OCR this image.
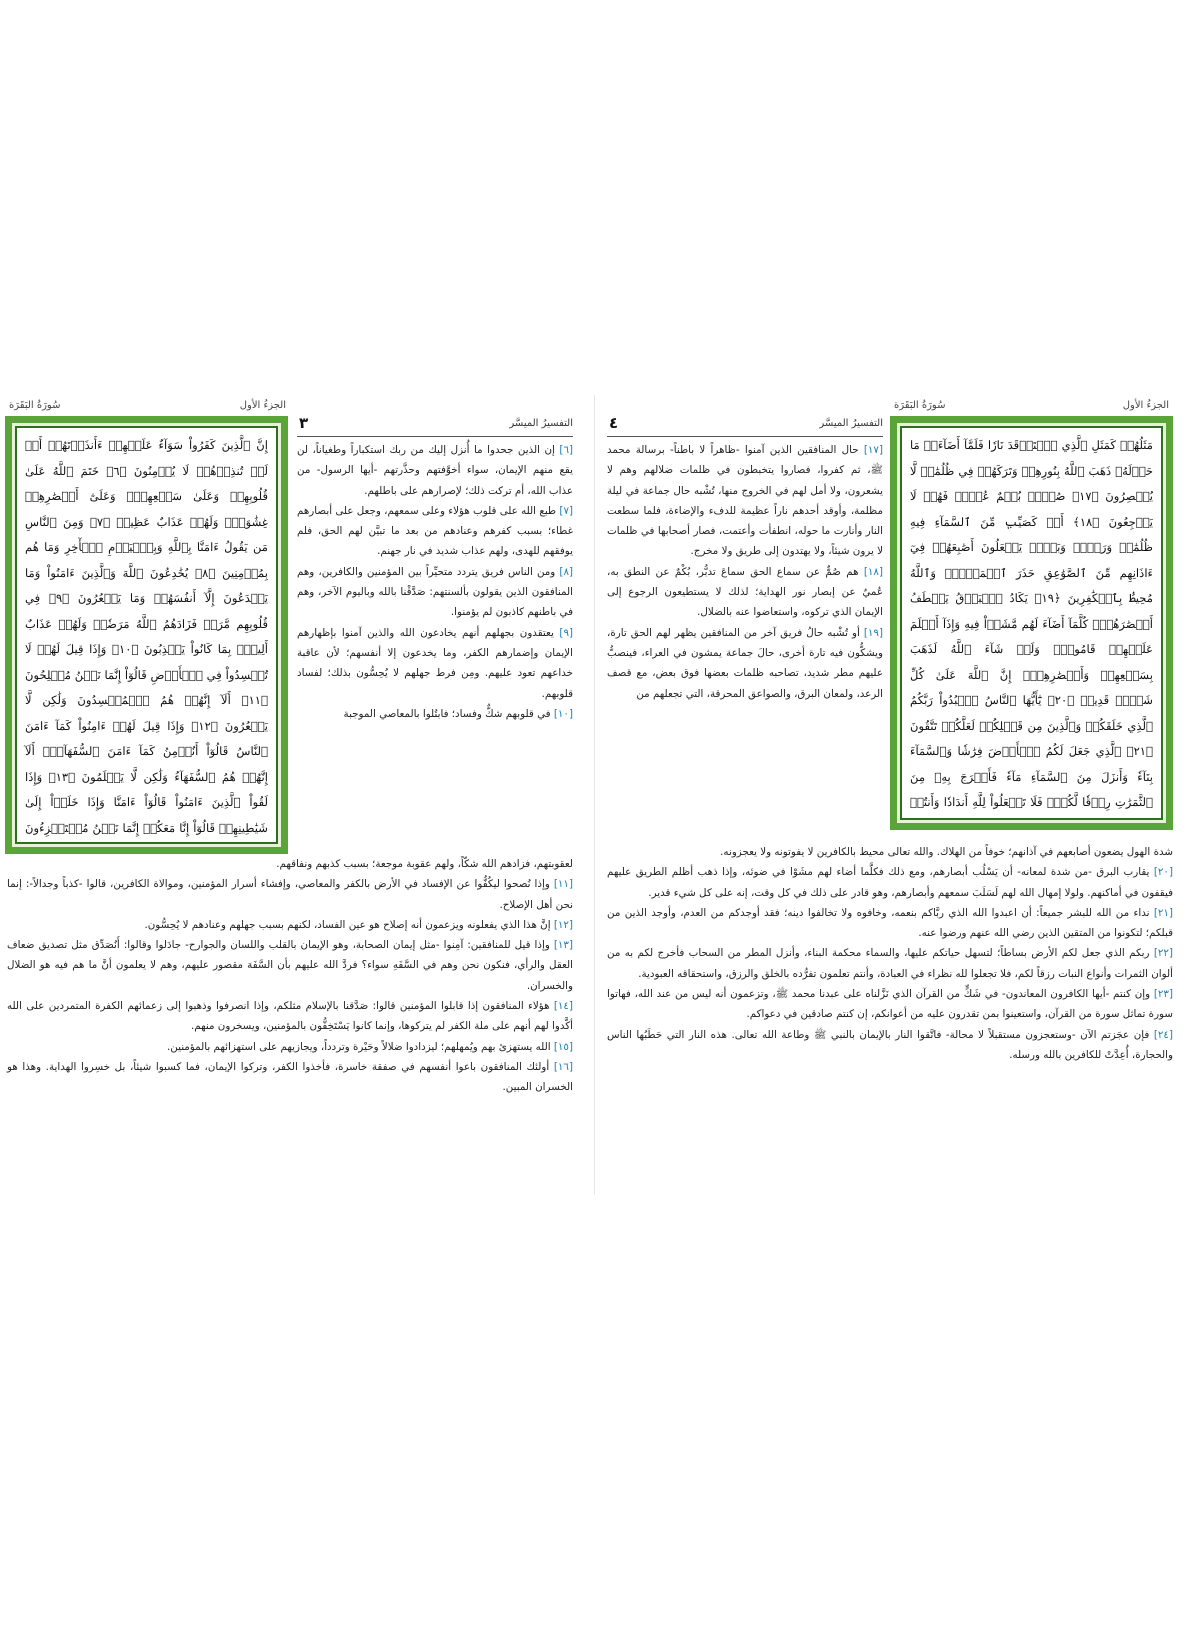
الجزءُ الأول
سُورَةُ البَقَرَة

مَثَلُهُمۡ كَمَثَلِ ٱلَّذِي ٱسۡتَوۡقَدَ نَارٗا فَلَمَّآ أَضَآءَتۡ مَا حَوۡلَهُۥ ذَهَبَ ٱللَّهُ بِنُورِهِمۡ وَتَرَكَهُمۡ فِي ظُلُمَٰتٖ لَّا يُبۡصِرُونَ ﴿١٧﴾ صُمُّۢ بُكۡمٌ عُمۡيٞ فَهُمۡ لَا يَرۡجِعُونَ ﴿١٨﴾ أَوۡ كَصَيِّبٖ مِّنَ ٱلسَّمَآءِ فِيهِ ظُلُمَٰتٞ وَرَعۡدٞ وَبَرۡقٞ يَجۡعَلُونَ أَصَٰبِعَهُمۡ فِيٓ ءَاذَانِهِم مِّنَ ٱلصَّوَٰعِقِ حَذَرَ ٱلۡمَوۡتِۚ وَٱللَّهُ مُحِيطُۢ بِٱلۡكَٰفِرِينَ ﴿١٩﴾ يَكَادُ ٱلۡبَرۡقُ يَخۡطَفُ أَبۡصَٰرَهُمۡۖ كُلَّمَآ أَضَآءَ لَهُم مَّشَوۡاْ فِيهِ وَإِذَآ أَظۡلَمَ عَلَيۡهِمۡ قَامُواْۚ وَلَوۡ شَآءَ ٱللَّهُ لَذَهَبَ بِسَمۡعِهِمۡ وَأَبۡصَٰرِهِمۡۚ إِنَّ ٱللَّهَ عَلَىٰ كُلِّ شَيۡءٖ قَدِيرٞ ﴿٢٠﴾ يَٰٓأَيُّهَا ٱلنَّاسُ ٱعۡبُدُواْ رَبَّكُمُ ٱلَّذِي خَلَقَكُمۡ وَٱلَّذِينَ مِن قَبۡلِكُمۡ لَعَلَّكُمۡ تَتَّقُونَ ﴿٢١﴾ ٱلَّذِي جَعَلَ لَكُمُ ٱلۡأَرۡضَ فِرَٰشٗا وَٱلسَّمَآءَ بِنَآءٗ وَأَنزَلَ مِنَ ٱلسَّمَآءِ مَآءٗ فَأَخۡرَجَ بِهِۦ مِنَ ٱلثَّمَرَٰتِ رِزۡقٗا لَّكُمۡۖ فَلَا تَجۡعَلُواْ لِلَّهِ أَندَادٗا وَأَنتُمۡ

التفسيرُ الميسَّر
٤

[١٧] حال المنافقين الذين آمنوا -ظاهراً لا باطناً- برسالة محمد ﷺ، ثم كفروا، فصاروا يتخبطون في ظلمات ضلالهم وهم لا يشعرون، ولا أمل لهم في الخروج منها، تُشْبه حال جماعة في ليلة مظلمة، وأوقد أحدهم ناراً عظيمة للدفء والإضاءة، فلما سطعت النار وأنارت ما حوله، انطفأت وأعتمت، فصار أصحابها في ظلمات لا يرون شيئاً، ولا يهتدون إلى طريق ولا مخرج.

[١٨] هم صُمٌّ عن سماع الحق سماعَ تدبُّر، بُكْمٌ عن النطق به، عُميٌ عن إبصار نور الهداية؛ لذلك لا يستطيعون الرجوع إلى الإيمان الذي تركوه، واستعاضوا عنه بالضلال.

[١٩] أو تُشْبه حالُ فريق آخر من المنافقين يظهر لهم الحق تارة، ويشكُّون فيه تارة أخرى، حالَ جماعة يمشون في العراء، فينصبُّ عليهم مطر شديد، تصاحبه ظلمات بعضها فوق بعض، مع قصف الرعد، ولمعان البرق، والصواعق المحرقة، التي تجعلهم من

شدة الهول يضعون أصابعهم في آذانهم؛ خوفاً من الهلاك. والله تعالى محيط بالكافرين لا يفوتونه ولا يعجزونه.

[٢٠] يقارب البرق -من شدة لمعانه- أن يَسْلُب أبصارهم، ومع ذلك فكلَّما أضاء لهم مشَوْا في ضوئه، وإذا ذهب أظلم الطريق عليهم فيقفون في أماكنهم. ولولا إمهال الله لهم لَسَلَبَ سمعهم وأبصارهم، وهو قادر على ذلك في كل وقت، إنه على كل شيء قدير.

[٢١] نداء من الله للبشر جميعاً: أن اعبدوا الله الذي ربَّاكم بنعمه، وخافوه ولا تخالفوا دينه؛ فقد أوجدكم من العدم، وأوجد الذين من قبلكم؛ لتكونوا من المتقين الذين رضي الله عنهم ورضوا عنه.

[٢٢] ربكم الذي جعل لكم الأرض بساطاً؛ لتسهل حياتكم عليها، والسماء محكمة البناء، وأنزل المطر من السحاب فأخرج لكم به من ألوان الثمرات وأنواع النبات رزقاً لكم، فلا تجعلوا لله نظراء في العبادة، وأنتم تعلمون تفرُّده بالخلق والرزق، واستحقاقه العبودية.

[٢٣] وإن كنتم -أيها الكافرون المعاندون- في شَكٍّ من القرآن الذي نَزَّلناه على عبدنا محمد ﷺ، وتزعمون أنه ليس من عند الله، فهاتوا سورة تماثل سورة من القرآن، واستعينوا بمن تقدرون عليه من أعوانكم، إن كنتم صادقين في دعواكم.

[٢٤] فإن عجَزتم الآن -وستعجزون مستقبلاً لا محالة- فاتَّقوا النار بالإيمان بالنبي ﷺ وطاعة الله تعالى. هذه النار التي حَطَبُها الناس والحجارة، أُعِدَّتْ للكافرين بالله ورسله.

الجزءُ الأول
سُورَةُ البَقَرَة

إِنَّ ٱلَّذِينَ كَفَرُواْ سَوَآءٌ عَلَيۡهِمۡ ءَأَنذَرۡتَهُمۡ أَمۡ لَمۡ تُنذِرۡهُمۡ لَا يُؤۡمِنُونَ ﴿٦﴾ خَتَمَ ٱللَّهُ عَلَىٰ قُلُوبِهِمۡ وَعَلَىٰ سَمۡعِهِمۡۖ وَعَلَىٰٓ أَبۡصَٰرِهِمۡ غِشَٰوَةٞۖ وَلَهُمۡ عَذَابٌ عَظِيمٞ ﴿٧﴾ وَمِنَ ٱلنَّاسِ مَن يَقُولُ ءَامَنَّا بِٱللَّهِ وَبِٱلۡيَوۡمِ ٱلۡأٓخِرِ وَمَا هُم بِمُؤۡمِنِينَ ﴿٨﴾ يُخَٰدِعُونَ ٱللَّهَ وَٱلَّذِينَ ءَامَنُواْ وَمَا يَخۡدَعُونَ إِلَّآ أَنفُسَهُمۡ وَمَا يَشۡعُرُونَ ﴿٩﴾ فِي قُلُوبِهِم مَّرَضٞ فَزَادَهُمُ ٱللَّهُ مَرَضٗاۖ وَلَهُمۡ عَذَابٌ أَلِيمُۢ بِمَا كَانُواْ يَكۡذِبُونَ ﴿١٠﴾ وَإِذَا قِيلَ لَهُمۡ لَا تُفۡسِدُواْ فِي ٱلۡأَرۡضِ قَالُوٓاْ إِنَّمَا نَحۡنُ مُصۡلِحُونَ ﴿١١﴾ أَلَآ إِنَّهُمۡ هُمُ ٱلۡمُفۡسِدُونَ وَلَٰكِن لَّا يَشۡعُرُونَ ﴿١٢﴾ وَإِذَا قِيلَ لَهُمۡ ءَامِنُواْ كَمَآ ءَامَنَ ٱلنَّاسُ قَالُوٓاْ أَنُؤۡمِنُ كَمَآ ءَامَنَ ٱلسُّفَهَآءُۗ أَلَآ إِنَّهُمۡ هُمُ ٱلسُّفَهَآءُ وَلَٰكِن لَّا يَعۡلَمُونَ ﴿١٣﴾ وَإِذَا لَقُواْ ٱلَّذِينَ ءَامَنُواْ قَالُوٓاْ ءَامَنَّا وَإِذَا خَلَوۡاْ إِلَىٰ شَيَٰطِينِهِمۡ قَالُوٓاْ إِنَّا مَعَكُمۡ إِنَّمَا نَحۡنُ مُسۡتَهۡزِءُونَ

التفسيرُ الميسَّر
٣

[٦] إن الذين جحدوا ما أُنزل إليك من ربك استكباراً وطغياناً، لن يقع منهم الإيمان، سواء أخوَّفتهم وحذَّرتهم -أيها الرسول- من عذاب الله، أم تركت ذلك؛ لإصرارهم على باطلهم.

[٧] طبع الله على قلوب هؤلاء وعلى سمعهم، وجعل على أبصارهم غطاء؛ بسبب كفرهم وعنادهم من بعد ما تبيَّن لهم الحق، فلم يوفقهم للهدى، ولهم عذاب شديد في نار جهنم.

[٨] ومن الناس فريق يتردد متحيِّراً بين المؤمنين والكافرين، وهم المنافقون الذين يقولون بألسنتهم: صَدَّقْنا بالله وباليوم الآخر، وهم في باطنهم كاذبون لم يؤمنوا.

[٩] يعتقدون بجهلهم أنهم يخادعون الله والذين آمنوا بإظهارهم الإيمان وإضمارهم الكفر، وما يخدعون إلا أنفسهم؛ لأن عاقبة خداعهم تعود عليهم. ومِن فرط جهلهم لا يُحِسُّون بذلك؛ لفساد قلوبهم.

[١٠] في قلوبهم شكٌّ وفساد؛ فابتُلوا بالمعاصي الموجبة

لعقوبتهم، فزادهم الله شكّاً، ولهم عقوبة موجعة؛ بسبب كذبهم ونفاقهم.

[١١] وإذا نُصحوا ليكُفُّوا عن الإفساد في الأرض بالكفر والمعاصي، وإفشاء أسرار المؤمنين، وموالاة الكافرين، قالوا -كذباً وجدالاً-: إنما نحن أهل الإصلاح.

[١٢] إنَّ هذا الذي يفعلونه ويزعمون أنه إصلاح هو عين الفساد، لكنهم بسبب جهلهم وعنادهم لا يُحِسُّون.

[١٣] وإذا قيل للمنافقين: آمِنوا -مثل إيمان الصحابة، وهو الإيمان بالقلب واللسان والجوارح- جادَلوا وقالوا: أَنُصَدِّق مثل تصديق ضعاف العقل والرأي، فنكون نحن وهم في السَّفَهِ سواء؟ فردَّ الله عليهم بأن السَّفَهَ مقصور عليهم، وهم لا يعلمون أنَّ ما هم فيه هو الضلال والخسران.

[١٤] هؤلاء المنافقون إذا قابلوا المؤمنين قالوا: صَدَّقنا بالإسلام مثلكم، وإذا انصرفوا وذهبوا إلى زعمائهم الكفرة المتمردين على الله أكَّدوا لهم أنهم على ملة الكفر لم يتركوها، وإنما كانوا يَسْتَخِفُّون بالمؤمنين، ويسخرون منهم.

[١٥] الله يستهزئ بهم ويُمهلهم؛ ليزدادوا ضلالاً وحَيْرة وتردداً، ويجازيهم على استهزائهم بالمؤمنين.

[١٦] أولئك المنافقون باعوا أنفسهم في صفقة خاسرة، فأخذوا الكفر، وتركوا الإيمان، فما كسبوا شيئاً، بل خسِروا الهداية. وهذا هو الخسران المبين.
